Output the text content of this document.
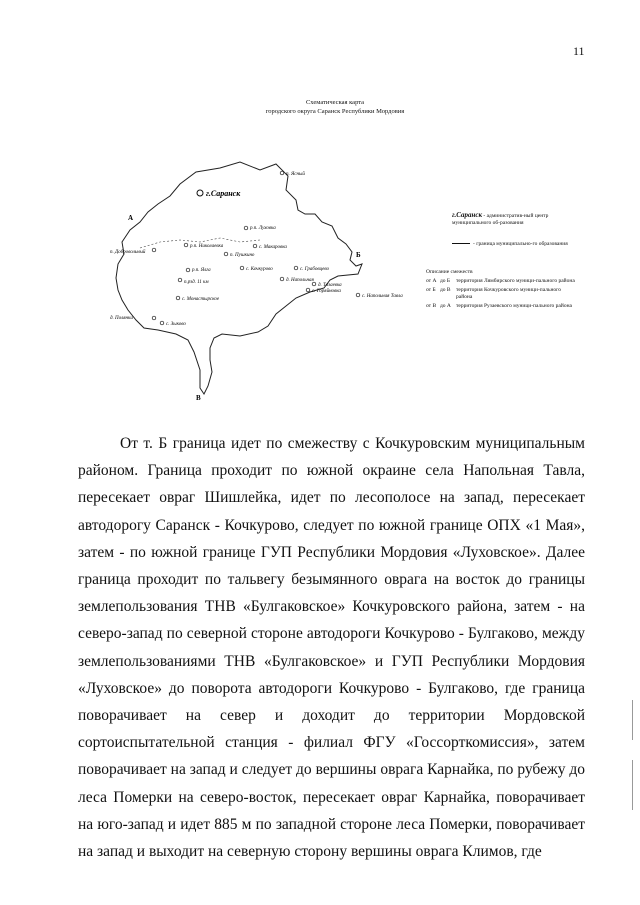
11
Схематическая карта
городского округа Саранск Республики Мордовия
г.Саранск
А
Б
В
п. Ясный
р.п. Луховка
р.п. Николаевка	с. Макаровка
п. Пушкино
п. Добровольный
р.п. Ялга	с. Кочкурово	с. Грабовцево
п.рзд. 11 км	д. Напольная
д. Тазаевка
с. Горяйновка
с. Напольная Тавла
с. Монастырское
д. Полянки
с. Зыково
г.Саранск - административ-ный центр муниципального об-разования
- граница муниципально-го образования
Описание смежеств
от А до Б	территория Лямбирского муници-пального района
от Б до В территория Кочкуровского муници-пального района
от В до А территория Рузаевского муници-пального района

От т. Б граница идет по смежеству с Кочкуровским муниципальным районом. Граница проходит по южной окраине села Напольная Тавла, пересекает овраг Шишлейка, идет по лесополосе на запад, пересекает автодорогу Саранск - Кочкурово, следует по южной границе ОПХ «1 Мая», затем - по южной границе ГУП Республики Мордовия «Луховское». Далее граница проходит по тальвегу безымянного оврага на восток до границы землепользования ТНВ «Булгаковское» Кочкуровского района, затем - на северо-запад по северной стороне автодороги Кочкурово - Булгаково, между землепользованиями ТНВ «Булгаковское» и ГУП Республики Мордовия «Луховское» до поворота автодороги Кочкурово - Булгаково, где граница поворачивает на север и доходит до территории Мордовской сортоиспытательной станция - филиал ФГУ «Госсорткомиссия», затем поворачивает на запад и следует до вершины оврага Карнайка, по рубежу до леса Померки на северо-восток, пересекает овраг Карнайка, поворачивает на юго-запад и идет 885 м по западной стороне леса Померки, поворачивает на запад и выходит на северную сторону вершины оврага Климов, где
